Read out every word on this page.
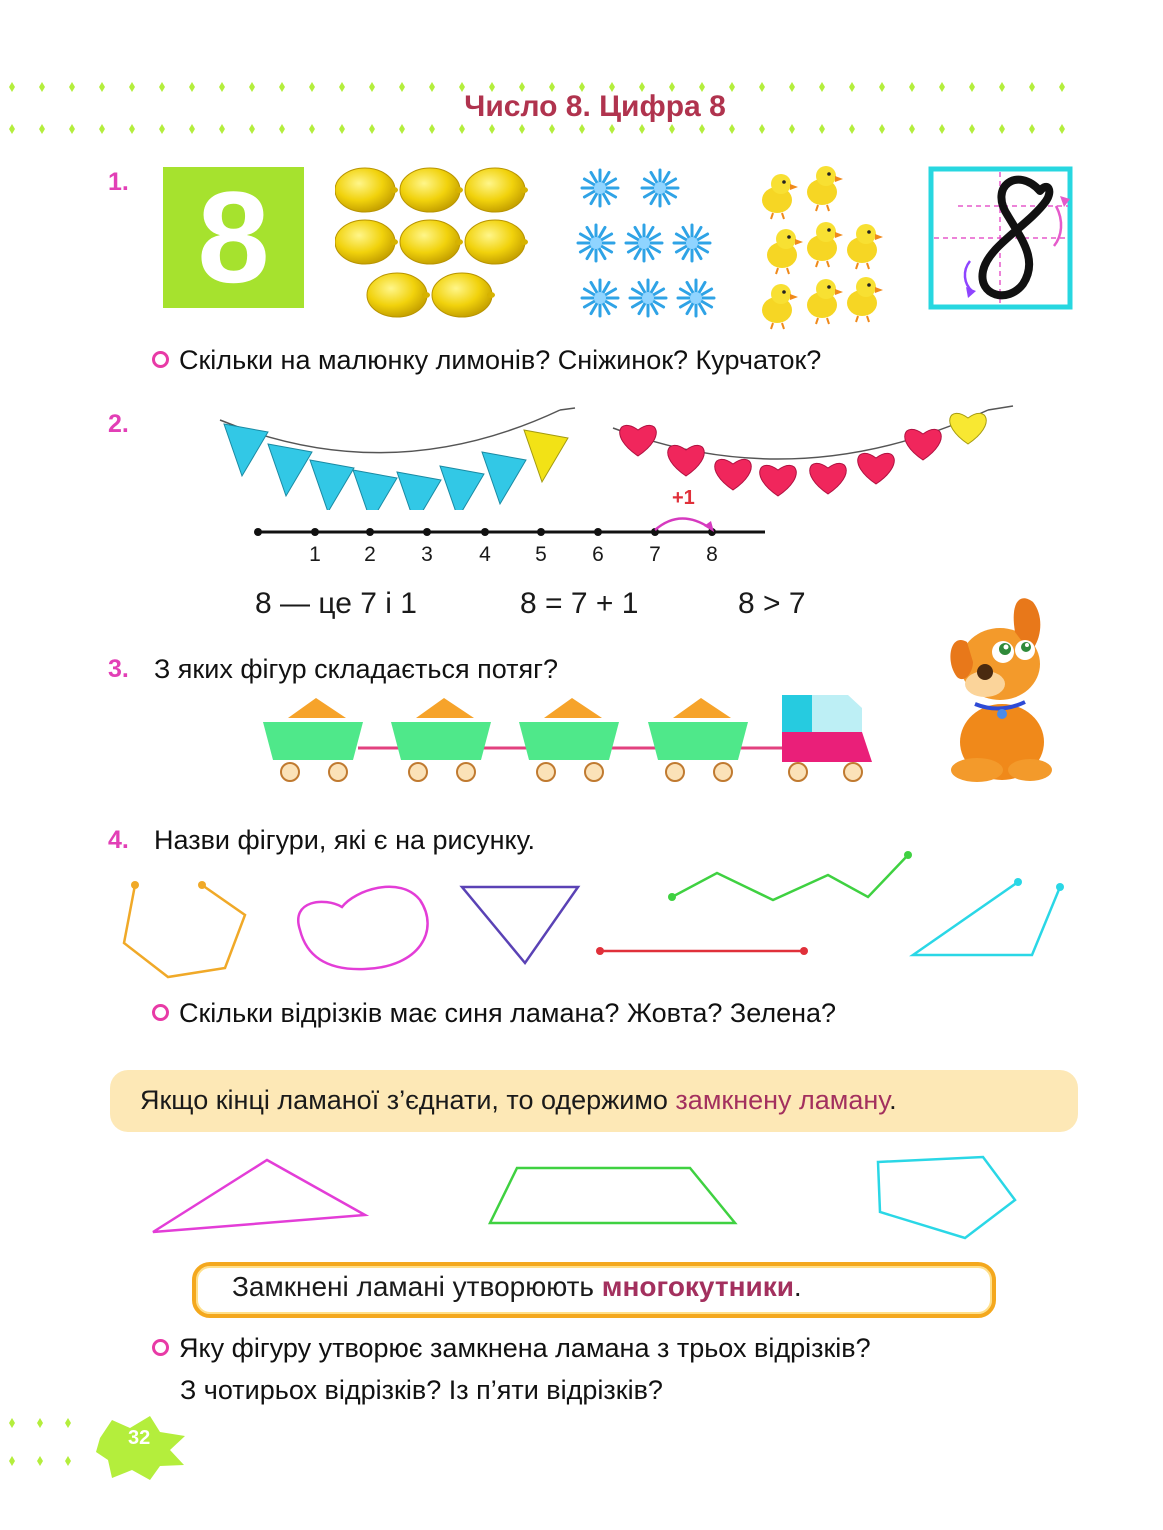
Число 8. Цифра 8
1. 8
Скільки на малюнку лимонів? Сніжинок? Курчаток?
2.
+1
1	2	3	4	5	6	7	8
8 — це 7 і 1	8 = 7 + 1	8 > 7
3. З яких фігур складається потяг?
4. Назви фігури, які є на рисунку.
Скільки відрізків має синя ламана? Жовта? Зелена?
Якщо кінці ламаної з’єднати, то одержимо замкнену ламану.
Замкнені ламані утворюють многокутники.
Яку фігуру утворює замкнена ламана з трьох відрізків?
З чотирьох відрізків? Із п’яти відрізків?
32
